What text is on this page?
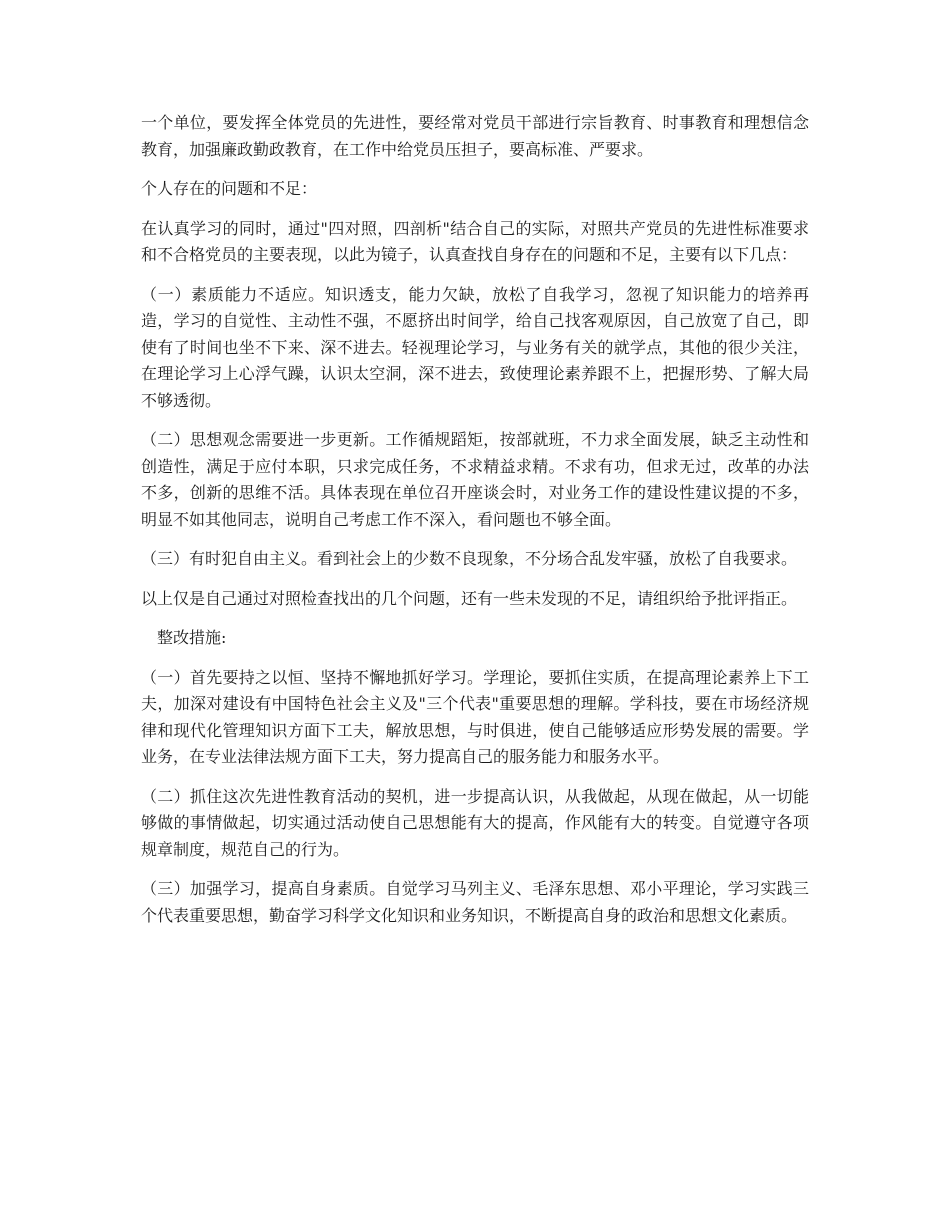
一个单位，要发挥全体党员的先进性，要经常对党员干部进行宗旨教育、时事教育和理想信念教育，加强廉政勤政教育，在工作中给党员压担子，要高标准、严要求。

个人存在的问题和不足：

在认真学习的同时，通过"四对照，四剖析"结合自己的实际，对照共产党员的先进性标准要求和不合格党员的主要表现，以此为镜子，认真查找自身存在的问题和不足，主要有以下几点：

（一）素质能力不适应。知识透支，能力欠缺，放松了自我学习，忽视了知识能力的培养再造，学习的自觉性、主动性不强，不愿挤出时间学，给自己找客观原因，自己放宽了自己，即使有了时间也坐不下来、深不进去。轻视理论学习，与业务有关的就学点，其他的很少关注，在理论学习上心浮气躁，认识太空洞，深不进去，致使理论素养跟不上，把握形势、了解大局不够透彻。

（二）思想观念需要进一步更新。工作循规蹈矩，按部就班，不力求全面发展，缺乏主动性和创造性，满足于应付本职，只求完成任务，不求精益求精。不求有功，但求无过，改革的办法不多，创新的思维不活。具体表现在单位召开座谈会时，对业务工作的建设性建议提的不多，明显不如其他同志，说明自己考虑工作不深入，看问题也不够全面。

（三）有时犯自由主义。看到社会上的少数不良现象，不分场合乱发牢骚，放松了自我要求。

以上仅是自己通过对照检查找出的几个问题，还有一些未发现的不足，请组织给予批评指正。

整改措施:

（一）首先要持之以恒、坚持不懈地抓好学习。学理论，要抓住实质，在提高理论素养上下工夫，加深对建设有中国特色社会主义及"三个代表"重要思想的理解。学科技，要在市场经济规律和现代化管理知识方面下工夫，解放思想，与时俱进，使自己能够适应形势发展的需要。学业务，在专业法律法规方面下工夫，努力提高自己的服务能力和服务水平。

（二）抓住这次先进性教育活动的契机，进一步提高认识，从我做起，从现在做起，从一切能够做的事情做起，切实通过活动使自己思想能有大的提高，作风能有大的转变。自觉遵守各项规章制度，规范自己的行为。

（三）加强学习，提高自身素质。自觉学习马列主义、毛泽东思想、邓小平理论，学习实践三个代表重要思想，勤奋学习科学文化知识和业务知识，不断提高自身的政治和思想文化素质。
